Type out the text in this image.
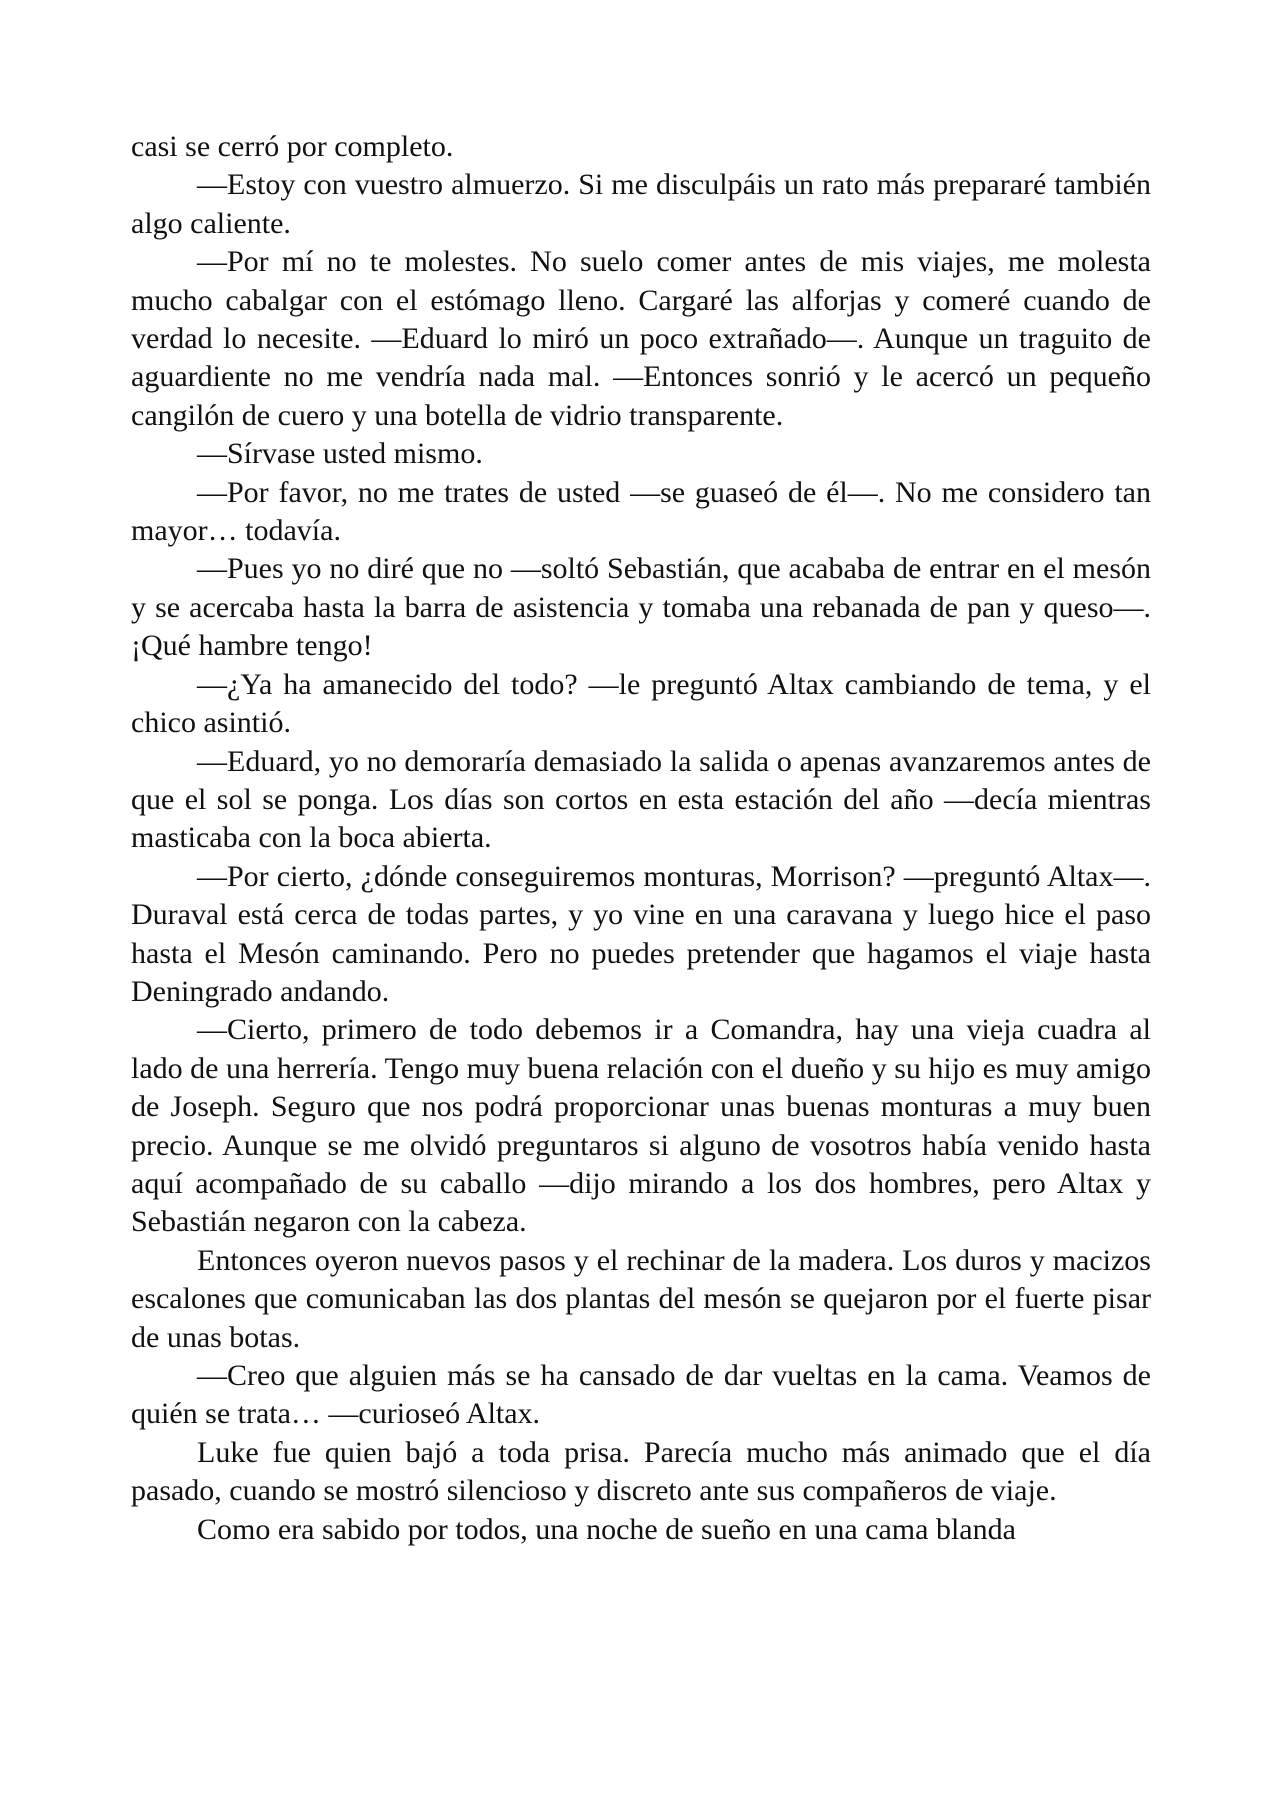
casi se cerró por completo.

—Estoy con vuestro almuerzo. Si me disculpáis un rato más prepararé también algo caliente.

—Por mí no te molestes. No suelo comer antes de mis viajes, me molesta mucho cabalgar con el estómago lleno. Cargaré las alforjas y comeré cuando de verdad lo necesite. —Eduard lo miró un poco extrañado—. Aunque un traguito de aguardiente no me vendría nada mal. —Entonces sonrió y le acercó un pequeño cangilón de cuero y una botella de vidrio transparente.

—Sírvase usted mismo.

—Por favor, no me trates de usted —se guaseó de él—. No me considero tan mayor… todavía.

—Pues yo no diré que no —soltó Sebastián, que acababa de entrar en el mesón y se acercaba hasta la barra de asistencia y tomaba una rebanada de pan y queso—. ¡Qué hambre tengo!

—¿Ya ha amanecido del todo? —le preguntó Altax cambiando de tema, y el chico asintió.

—Eduard, yo no demoraría demasiado la salida o apenas avanzaremos antes de que el sol se ponga. Los días son cortos en esta estación del año —decía mientras masticaba con la boca abierta.

—Por cierto, ¿dónde conseguiremos monturas, Morrison? —preguntó Altax—. Duraval está cerca de todas partes, y yo vine en una caravana y luego hice el paso hasta el Mesón caminando. Pero no puedes pretender que hagamos el viaje hasta Deningrado andando.

—Cierto, primero de todo debemos ir a Comandra, hay una vieja cuadra al lado de una herrería. Tengo muy buena relación con el dueño y su hijo es muy amigo de Joseph. Seguro que nos podrá proporcionar unas buenas monturas a muy buen precio. Aunque se me olvidó preguntaros si alguno de vosotros había venido hasta aquí acompañado de su caballo —dijo mirando a los dos hombres, pero Altax y Sebastián negaron con la cabeza.

Entonces oyeron nuevos pasos y el rechinar de la madera. Los duros y macizos escalones que comunicaban las dos plantas del mesón se quejaron por el fuerte pisar de unas botas.

—Creo que alguien más se ha cansado de dar vueltas en la cama. Veamos de quién se trata… —curioseó Altax.

Luke fue quien bajó a toda prisa. Parecía mucho más animado que el día pasado, cuando se mostró silencioso y discreto ante sus compañeros de viaje.

Como era sabido por todos, una noche de sueño en una cama blanda
